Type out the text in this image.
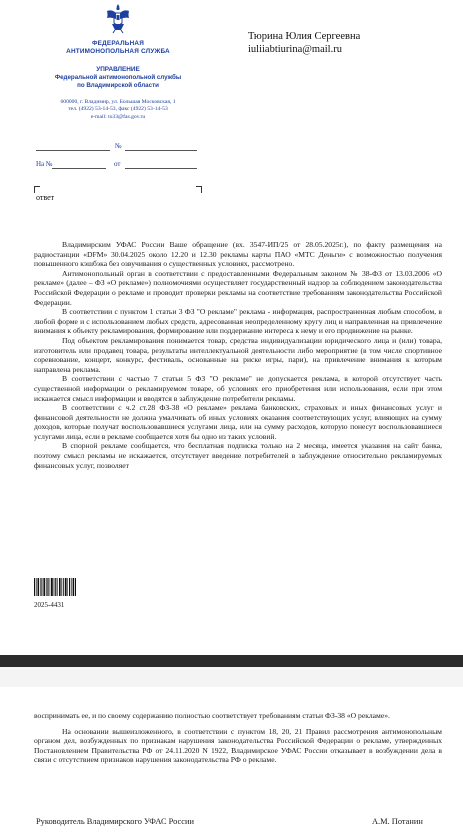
ФЕДЕРАЛЬНАЯ
АНТИМОНОПОЛЬНАЯ СЛУЖБА
УПРАВЛЕНИЕ
Федеральной антимонопольной службы
по Владимирской области
600000, г. Владимир, ул. Большая Московская, 1
тел. (4922) 53-14-53, факс (4922) 53-14-53
e-mail: to33@fas.gov.ru
Тюрина Юлия Сергеевна
iuliiabtiurina@mail.ru
№
На №	от
ответ

Владимирским УФАС России Ваше обращение (вх. 3547-ИП/25 от 28.05.2025г.), по факту размещения на радиостанции «DFM» 30.04.2025 около 12.20 и 12.30 рекламы карты ПАО «МТС Деньги» с возможностью получения повышенного кэшбэка без озвучивания о существенных условиях, рассмотрено.

Антимонопольный орган в соответствии с предоставленными Федеральным законом № 38-ФЗ от 13.03.2006 «О рекламе» (далее – ФЗ «О рекламе») полномочиями осуществляет государственный надзор за соблюдением законодательства Российской Федерации о рекламе и проводит проверки рекламы на соответствие требованиям законодательства Российской Федерации.

В соответствии с пунктом 1 статьи 3 ФЗ "О рекламе" реклама - информация, распространенная любым способом, в любой форме и с использованием любых средств, адресованная неопределенному кругу лиц и направленная на привлечение внимания к объекту рекламирования, формирование или поддержание интереса к нему и его продвижение на рынке.

Под объектом рекламирования понимается товар, средства индивидуализации юридического лица и (или) товара, изготовитель или продавец товара, результаты интеллектуальной деятельности либо мероприятие (в том числе спортивное соревнование, концерт, конкурс, фестиваль, основанные на риске игры, пари), на привлечение внимания к которым направлена реклама.

В соответствии с частью 7 статьи 5 ФЗ "О рекламе" не допускается реклама, в которой отсутствует часть существенной информации о рекламируемом товаре, об условиях его приобретения или использования, если при этом искажается смысл информации и вводятся в заблуждение потребители рекламы.

В соответствии с ч.2 ст.28 ФЗ-38 «О рекламе» реклама банковских, страховых и иных финансовых услуг и финансовой деятельности не должна умалчивать об иных условиях оказания соответствующих услуг, влияющих на сумму доходов, которые получат воспользовавшиеся услугами лица, или на сумму расходов, которую понесут воспользовавшиеся услугами лица, если в рекламе сообщается хотя бы одно из таких условий.

В спорной рекламе сообщается, что бесплатная подписка только на 2 месяца, имеется указания на сайт банка, поэтому смысл рекламы не искажается, отсутствует введение потребителей в заблуждение относительно рекламируемых финансовых услуг, позволяет

2025-4431

воспринимать ее, и по своему содержанию полностью соответствует требованиям статьи ФЗ-38 «О рекламе».

На основании вышеизложенного, в соответствии с пунктом 18, 20, 21 Правил рассмотрения антимонопольным органом дел, возбужденных по признакам нарушения законодательства Российской Федерации о рекламе, утвержденных Постановлением Правительства РФ от 24.11.2020 N 1922, Владимирское УФАС России отказывает в возбуждении дела в связи с отсутствием признаков нарушения законодательства РФ о рекламе.

Руководитель Владимирского УФАС России	А.М. Потанин
